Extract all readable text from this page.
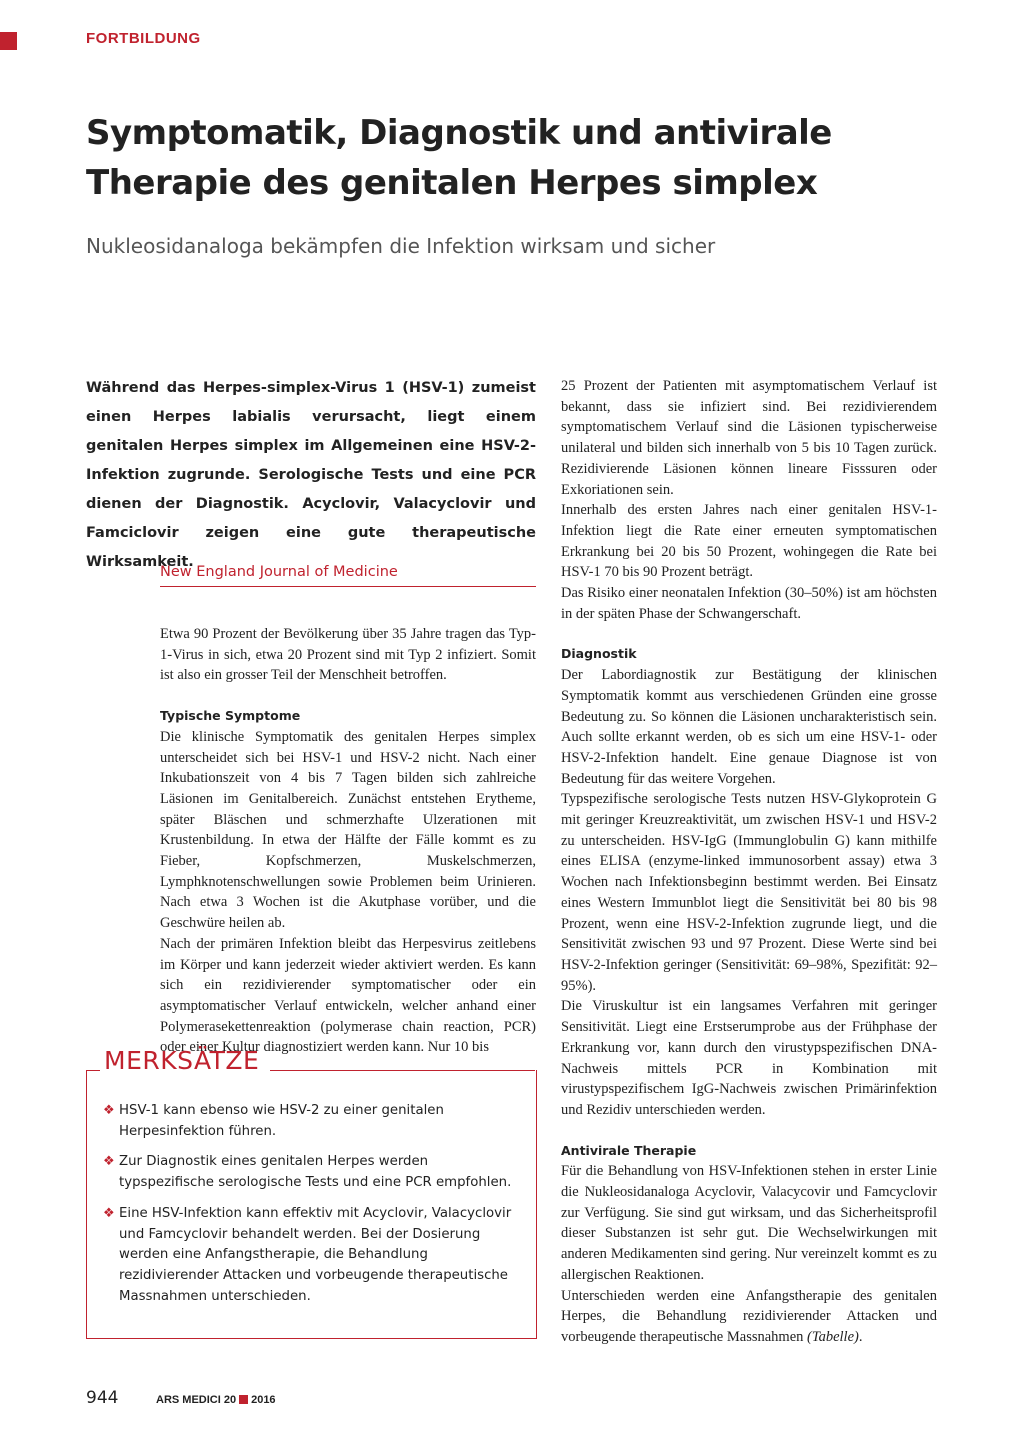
FORTBILDUNG
Symptomatik, Diagnostik und antivirale Therapie des genitalen Herpes simplex
Nukleosidanaloga bekämpfen die Infektion wirksam und sicher

Während das Herpes-simplex-Virus 1 (HSV-1) zumeist einen Herpes labialis verursacht, liegt einem genitalen Herpes simplex im Allgemeinen eine HSV-2-Infektion zugrunde. Serologische Tests und eine PCR dienen der Diagnostik. Acyclovir, Valacyclovir und Famciclovir zeigen eine gute therapeutische Wirksamkeit.

New England Journal of Medicine

Etwa 90 Prozent der Bevölkerung über 35 Jahre tragen das Typ-1-Virus in sich, etwa 20 Prozent sind mit Typ 2 infiziert. Somit ist also ein grosser Teil der Menschheit betroffen.

Typische Symptome

Die klinische Symptomatik des genitalen Herpes simplex unterscheidet sich bei HSV-1 und HSV-2 nicht. Nach einer Inkubationszeit von 4 bis 7 Tagen bilden sich zahlreiche Läsionen im Genitalbereich. Zunächst entstehen Erytheme, später Bläschen und schmerzhafte Ulzerationen mit Krustenbildung. In etwa der Hälfte der Fälle kommt es zu Fieber, Kopfschmerzen, Muskelschmerzen, Lymphknotenschwellungen sowie Problemen beim Urinieren. Nach etwa 3 Wochen ist die Akutphase vorüber, und die Geschwüre heilen ab.

Nach der primären Infektion bleibt das Herpesvirus zeitlebens im Körper und kann jederzeit wieder aktiviert werden. Es kann sich ein rezidivierender symptomatischer oder ein asymptomatischer Verlauf entwickeln, welcher anhand einer Polymerasekettenreaktion (polymerase chain reaction, PCR) oder einer Kultur diagnostiziert werden kann. Nur 10 bis

MERKSÄTZE
❖ HSV-1 kann ebenso wie HSV-2 zu einer genitalen Herpesinfektion führen.
❖ Zur Diagnostik eines genitalen Herpes werden typspezifische serologische Tests und eine PCR empfohlen.
❖ Eine HSV-Infektion kann effektiv mit Acyclovir, Valacyclovir und Famcyclovir behandelt werden. Bei der Dosierung werden eine Anfangstherapie, die Behandlung rezidivierender Attacken und vorbeugende therapeutische Massnahmen unterschieden.

25 Prozent der Patienten mit asymptomatischem Verlauf ist bekannt, dass sie infiziert sind. Bei rezidivierendem symptomatischem Verlauf sind die Läsionen typischerweise unilateral und bilden sich innerhalb von 5 bis 10 Tagen zurück. Rezidivierende Läsionen können lineare Fisssuren oder Exkoriationen sein.

Innerhalb des ersten Jahres nach einer genitalen HSV-1-Infektion liegt die Rate einer erneuten symptomatischen Erkrankung bei 20 bis 50 Prozent, wohingegen die Rate bei HSV-1 70 bis 90 Prozent beträgt.

Das Risiko einer neonatalen Infektion (30–50%) ist am höchsten in der späten Phase der Schwangerschaft.

Diagnostik

Der Labordiagnostik zur Bestätigung der klinischen Symptomatik kommt aus verschiedenen Gründen eine grosse Bedeutung zu. So können die Läsionen uncharakteristisch sein. Auch sollte erkannt werden, ob es sich um eine HSV-1- oder HSV-2-Infektion handelt. Eine genaue Diagnose ist von Bedeutung für das weitere Vorgehen.

Typspezifische serologische Tests nutzen HSV-Glykoprotein G mit geringer Kreuzreaktivität, um zwischen HSV-1 und HSV-2 zu unterscheiden. HSV-IgG (Immunglobulin G) kann mithilfe eines ELISA (enzyme-linked immunosorbent assay) etwa 3 Wochen nach Infektionsbeginn bestimmt werden. Bei Einsatz eines Western Immunblot liegt die Sensitivität bei 80 bis 98 Prozent, wenn eine HSV-2-Infektion zugrunde liegt, und die Sensitivität zwischen 93 und 97 Prozent. Diese Werte sind bei HSV-2-Infektion geringer (Sensitivität: 69–98%, Spezifität: 92–95%).

Die Viruskultur ist ein langsames Verfahren mit geringer Sensitivität. Liegt eine Erstserumprobe aus der Frühphase der Erkrankung vor, kann durch den virustypspezifischen DNA-Nachweis mittels PCR in Kombination mit virustypspezifischem IgG-Nachweis zwischen Primärinfektion und Rezidiv unterschieden werden.

Antivirale Therapie

Für die Behandlung von HSV-Infektionen stehen in erster Linie die Nukleosidanaloga Acyclovir, Valacycovir und Famcyclovir zur Verfügung. Sie sind gut wirksam, und das Sicherheitsprofil dieser Substanzen ist sehr gut. Die Wechselwirkungen mit anderen Medikamenten sind gering. Nur vereinzelt kommt es zu allergischen Reaktionen.

Unterschieden werden eine Anfangstherapie des genitalen Herpes, die Behandlung rezidivierender Attacken und vorbeugende therapeutische Massnahmen (Tabelle).

944	ARS MEDICI 20 2016
